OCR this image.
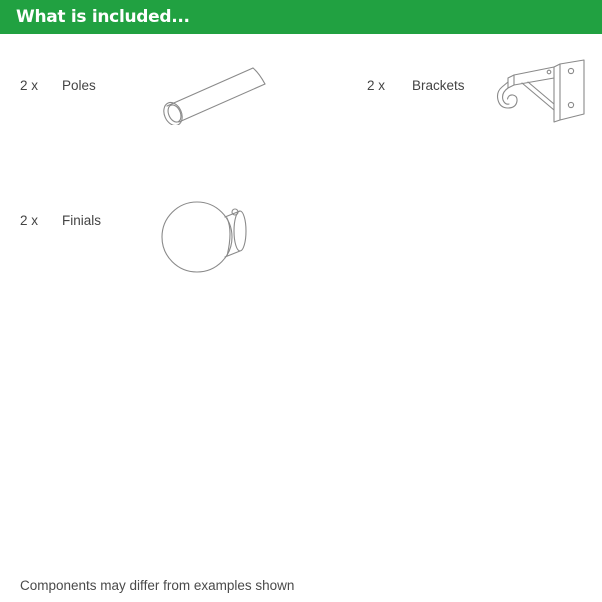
What is included...
2 x Poles	2 x Brackets
2 x Finials
Components may differ from examples shown
